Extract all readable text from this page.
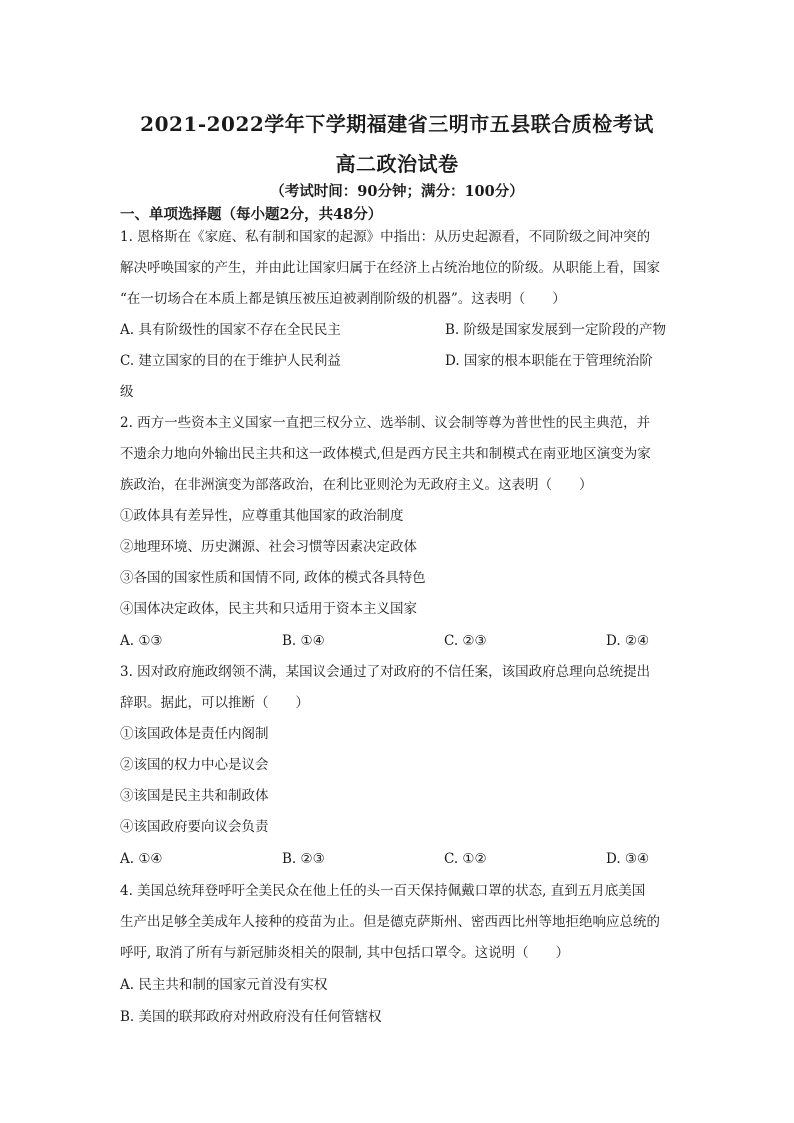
2021-2022学年下学期福建省三明市五县联合质检考试
高二政治试卷
（考试时间：90分钟；满分：100分）
一、单项选择题（每小题2分，共48分）
1. 恩格斯在《家庭、私有制和国家的起源》中指出：从历史起源看，不同阶级之间冲突的
解决呼唤国家的产生，并由此让国家归属于在经济上占统治地位的阶级。从职能上看，国家
“在一切场合在本质上都是镇压被压迫被剥削阶级的机器”。这表明（　　）
A. 具有阶级性的国家不存在全民民主	B. 阶级是国家发展到一定阶段的产物
C. 建立国家的目的在于维护人民利益	D. 国家的根本职能在于管理统治阶
级
2. 西方一些资本主义国家一直把三权分立、选举制、议会制等尊为普世性的民主典范，并
不遗余力地向外输出民主共和这一政体模式,但是西方民主共和制模式在南亚地区演变为家
族政治，在非洲演变为部落政治，在利比亚则沦为无政府主义。这表明（　　）
①政体具有差异性，应尊重其他国家的政治制度
②地理环境、历史渊源、社会习惯等因素决定政体
③各国的国家性质和国情不同, 政体的模式各具特色
④国体决定政体，民主共和只适用于资本主义国家
A. ①③	B. ①④	C. ②③	D. ②④
3. 因对政府施政纲领不满，某国议会通过了对政府的不信任案，该国政府总理向总统提出
辞职。据此，可以推断（　　）
①该国政体是责任内阁制
②该国的权力中心是议会
③该国是民主共和制政体
④该国政府要向议会负责
A. ①④	B. ②③	C. ①②	D. ③④
4. 美国总统拜登呼吁全美民众在他上任的头一百天保持佩戴口罩的状态, 直到五月底美国
生产出足够全美成年人接种的疫苗为止。但是德克萨斯州、密西西比州等地拒绝响应总统的
呼吁, 取消了所有与新冠肺炎相关的限制, 其中包括口罩令。这说明（　　）
A. 民主共和制的国家元首没有实权
B. 美国的联邦政府对州政府没有任何管辖权
